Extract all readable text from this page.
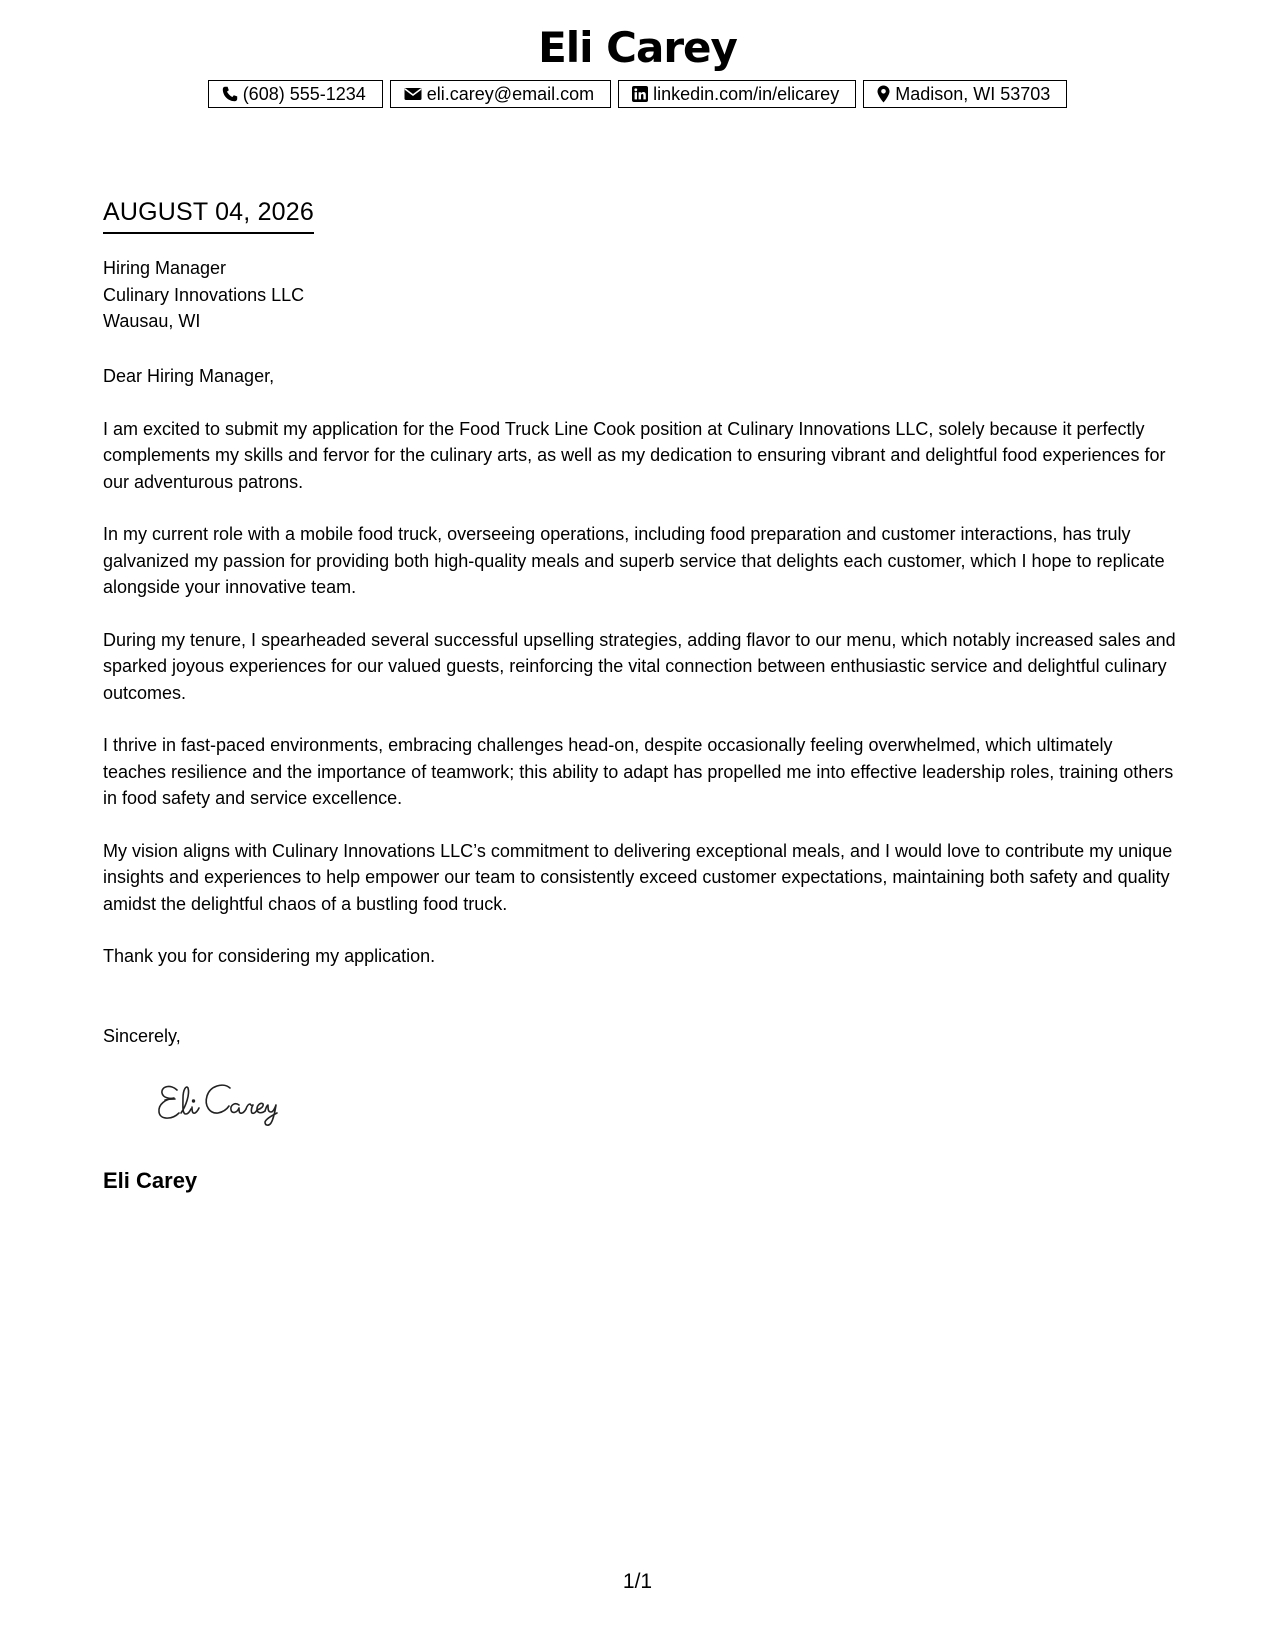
Eli Carey
(608) 555-1234	eli.carey@email.com	linkedin.com/in/elicarey	Madison, WI 53703
AUGUST 04, 2026
Hiring Manager
Culinary Innovations LLC
Wausau, WI

Dear Hiring Manager,

I am excited to submit my application for the Food Truck Line Cook position at Culinary Innovations LLC, solely because it perfectly complements my skills and fervor for the culinary arts, as well as my dedication to ensuring vibrant and delightful food experiences for our adventurous patrons.

In my current role with a mobile food truck, overseeing operations, including food preparation and customer interactions, has truly galvanized my passion for providing both high-quality meals and superb service that delights each customer, which I hope to replicate alongside your innovative team.

During my tenure, I spearheaded several successful upselling strategies, adding flavor to our menu, which notably increased sales and sparked joyous experiences for our valued guests, reinforcing the vital connection between enthusiastic service and delightful culinary outcomes.

I thrive in fast-paced environments, embracing challenges head-on, despite occasionally feeling overwhelmed, which ultimately teaches resilience and the importance of teamwork; this ability to adapt has propelled me into effective leadership roles, training others in food safety and service excellence.

My vision aligns with Culinary Innovations LLC’s commitment to delivering exceptional meals, and I would love to contribute my unique insights and experiences to help empower our team to consistently exceed customer expectations, maintaining both safety and quality amidst the delightful chaos of a bustling food truck.

Thank you for considering my application.

Sincerely,
Eli Carey
1/1
